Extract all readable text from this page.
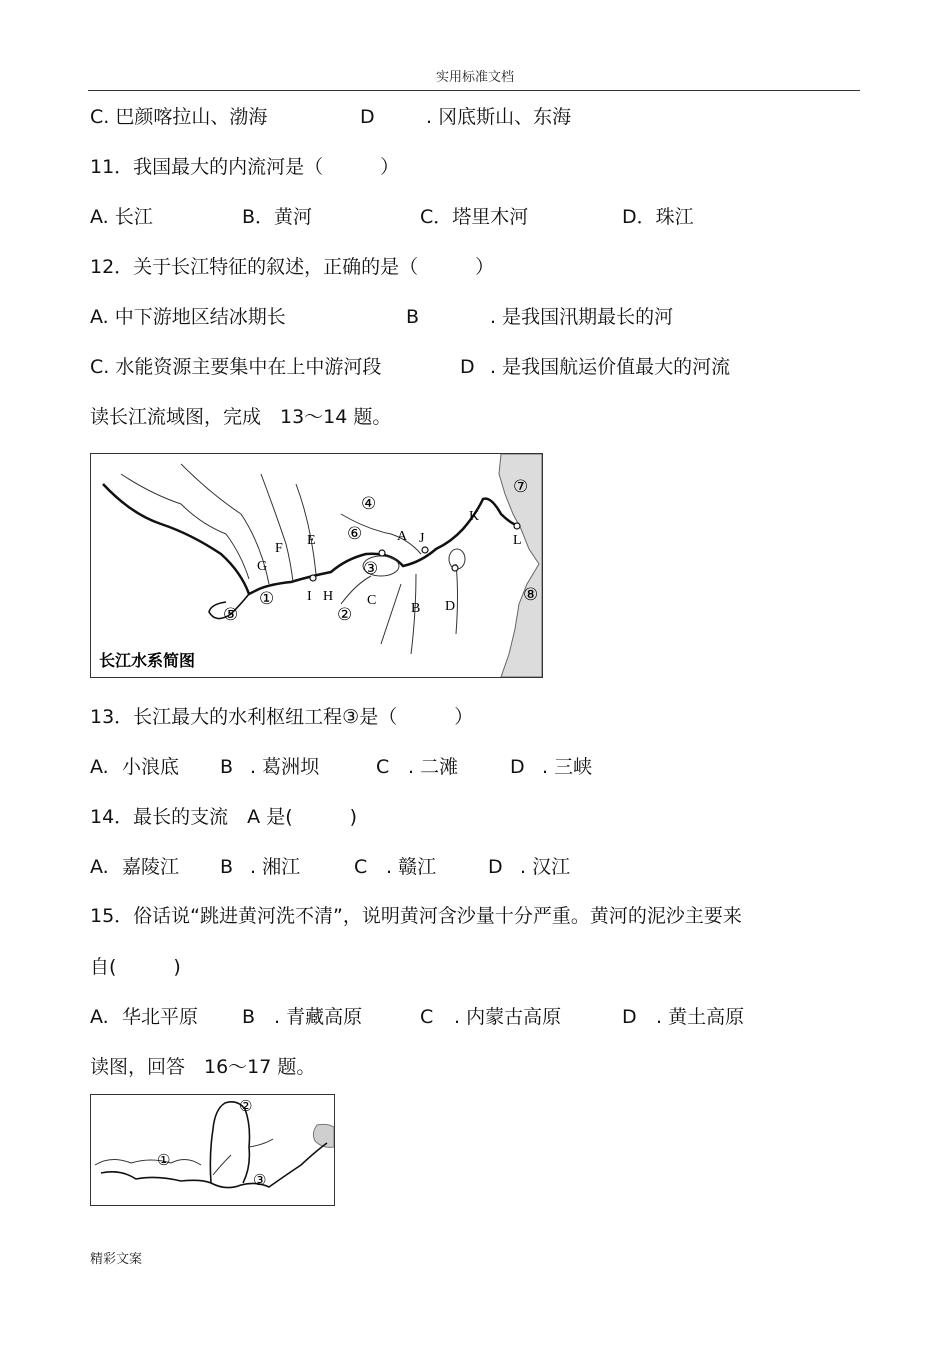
实用标准文档
C. 巴颜喀拉山、渤海	D	. 冈底斯山、东海
11．我国最大的内流河是（　　　）
A. 长江	B．黄河	C．塔里木河	D．珠江
12．关于长江特征的叙述，正确的是（　　　）
A. 中下游地区结冰期长	B	. 是我国汛期最长的河
C. 水能资源主要集中在上中游河段	D . 是我国航运价值最大的河流
读长江流域图，完成　13～14 题。
①
②
③
④
⑤
⑥
⑦
⑧
A
B
C	D
E
F
G
H
I
J
K
L
长江水系简图
13．长江最大的水利枢纽工程③是（　　　）
A. 小浪底 B . 葛洲坝	C . 二滩	D . 三峡
14．最长的支流　A 是(　　　)
A. 嘉陵江 B . 湘江	C . 赣江	D . 汉江
15．俗话说“跳进黄河洗不清”，说明黄河含沙量十分严重。黄河的泥沙主要来
自(　　　)
A. 华北平原 B . 青藏高原	C . 内蒙古高原	D . 黄土高原
读图，回答　16～17 题。
①
②
③
精彩文案
